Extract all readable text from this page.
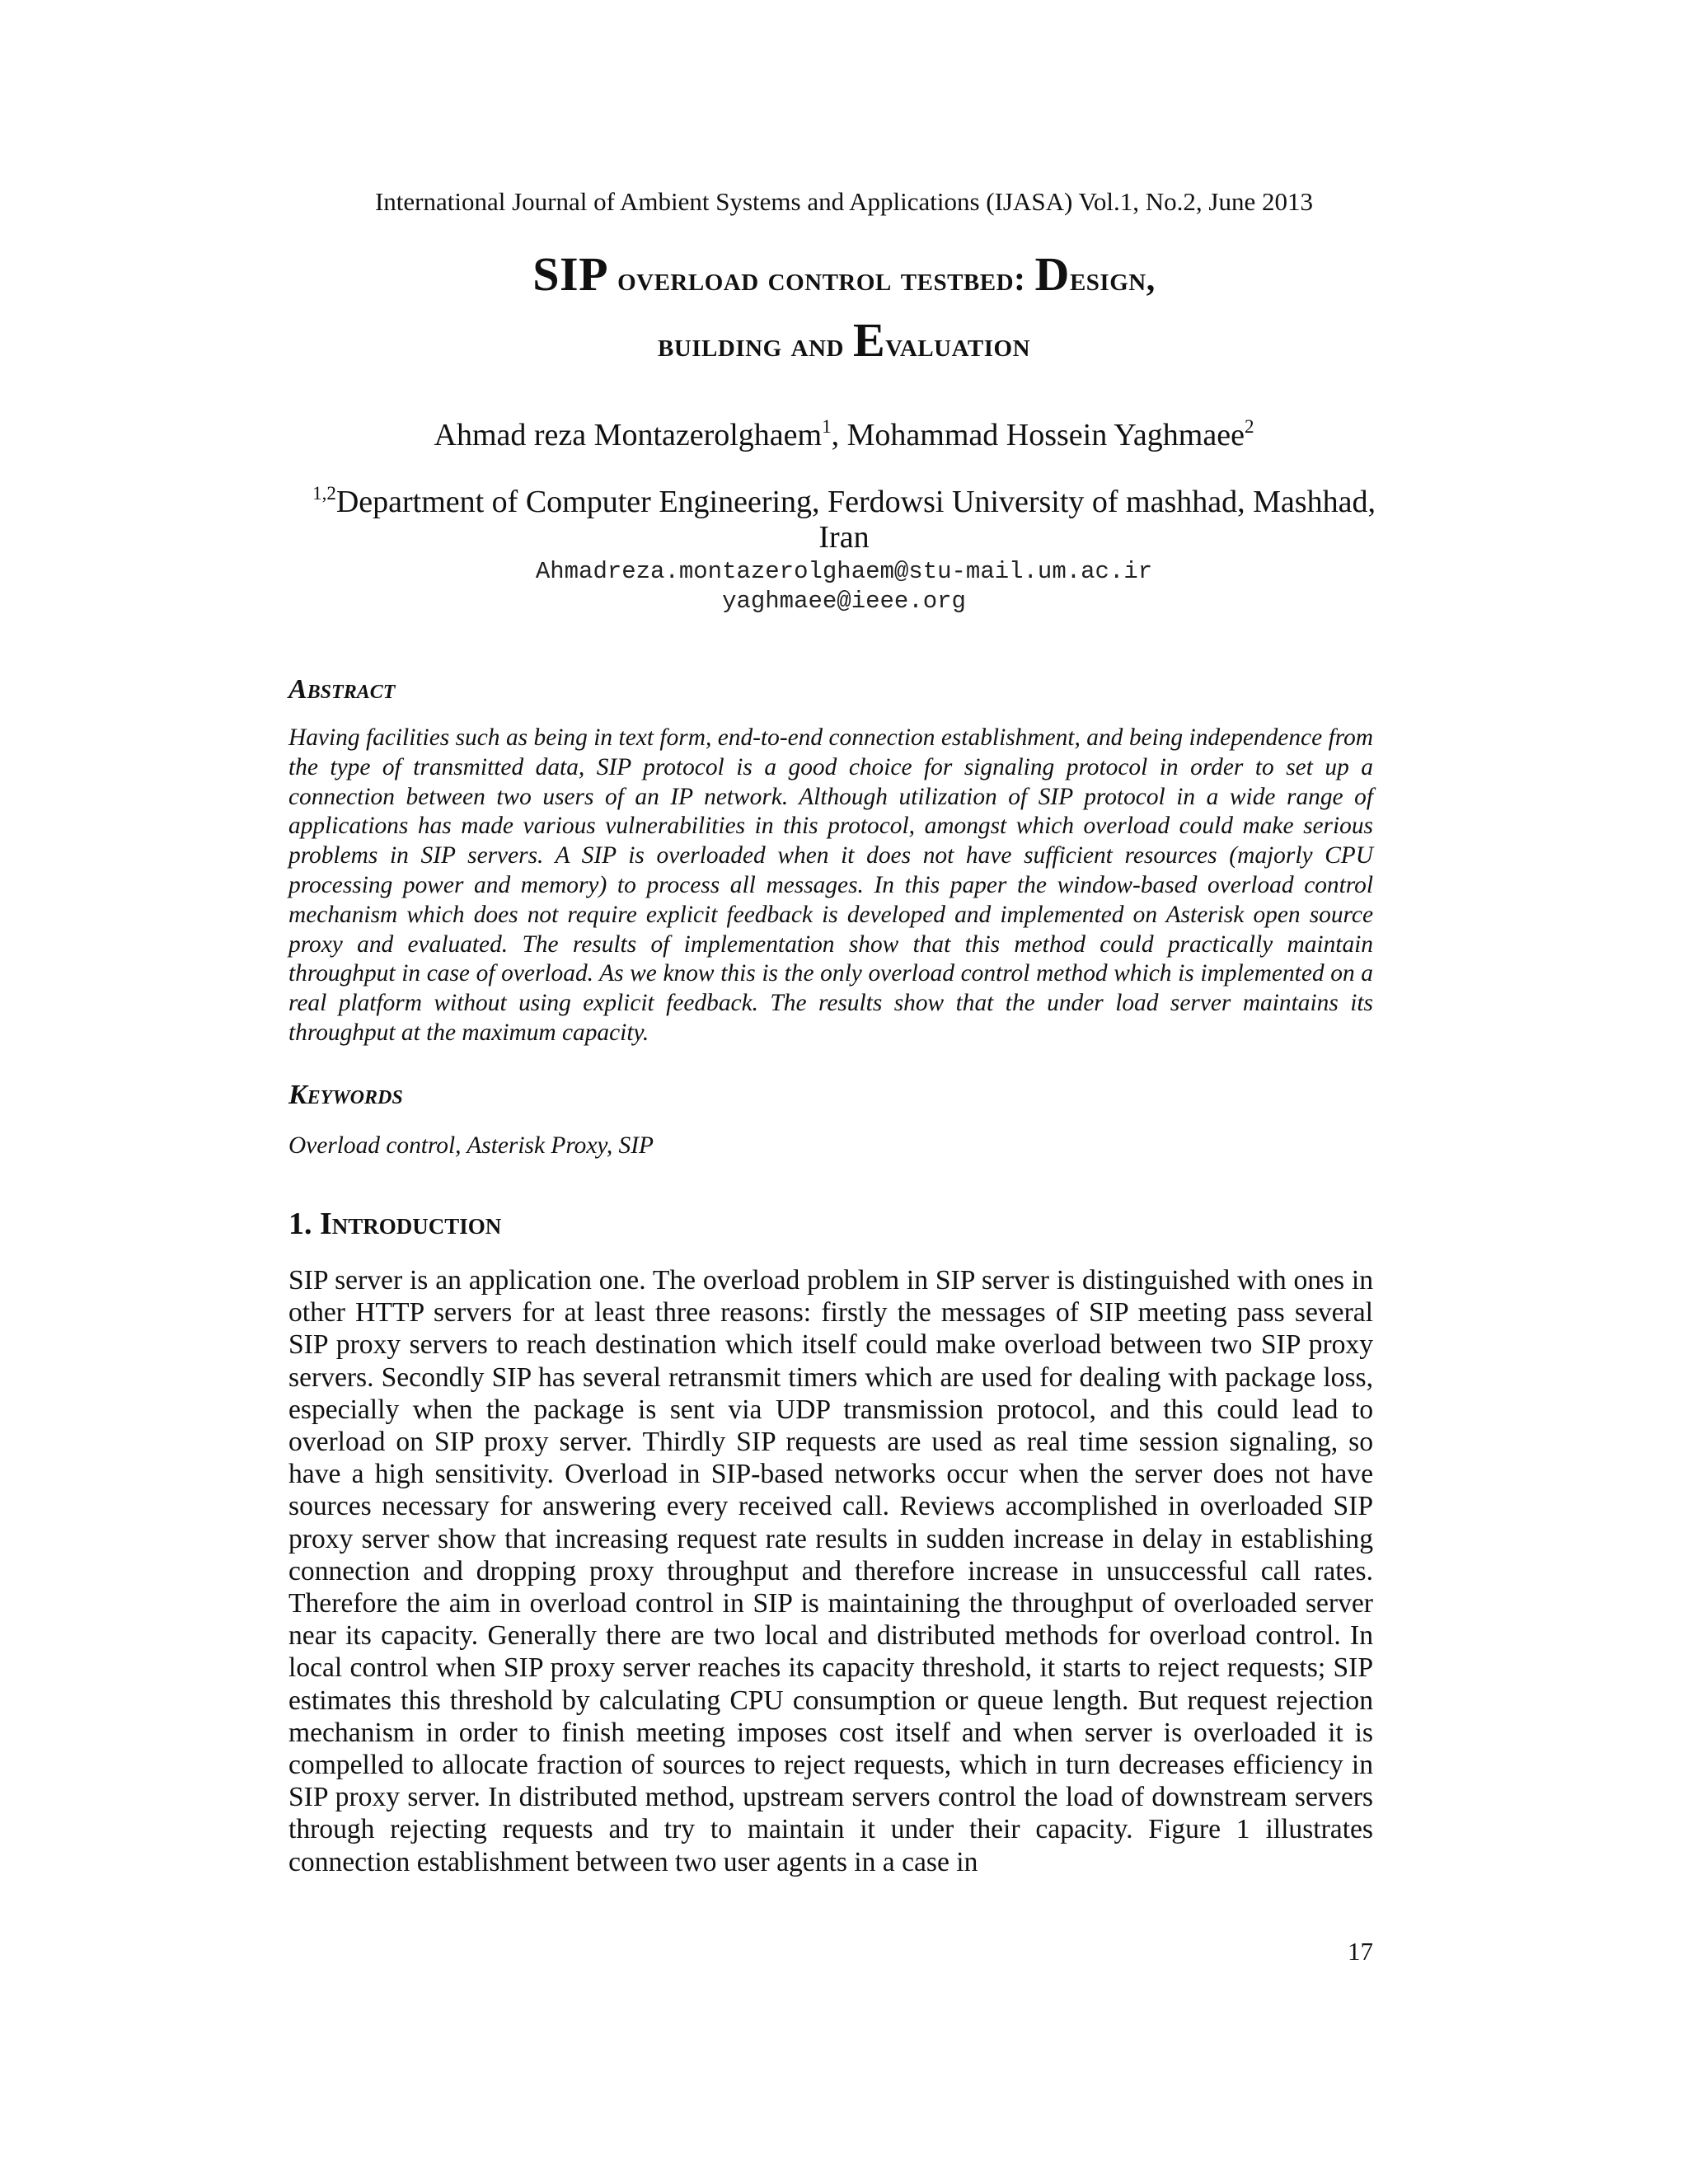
International Journal of Ambient Systems and Applications (IJASA) Vol.1, No.2, June 2013
SIP overload control testbed: Design,
building and Evaluation
Ahmad reza Montazerolghaem$^1$, Mohammad Hossein Yaghmaee$^2$
$^{1,2}$Department of Computer Engineering, Ferdowsi University of mashhad, Mashhad,
Iran
Ahmadreza.montazerolghaem@stu-mail.um.ac.ir
yaghmaee@ieee.org
Abstract
Having facilities such as being in text form, end-to-end connection establishment, and being independence from the type of transmitted data, SIP protocol is a good choice for signaling protocol in order to set up a connection between two users of an IP network. Although utilization of SIP protocol in a wide range of applications has made various vulnerabilities in this protocol, amongst which overload could make serious problems in SIP servers. A SIP is overloaded when it does not have sufficient resources (majorly CPU processing power and memory) to process all messages. In this paper the window-based overload control mechanism which does not require explicit feedback is developed and implemented on Asterisk open source proxy and evaluated. The results of implementation show that this method could practically maintain throughput in case of overload. As we know this is the only overload control method which is implemented on a real platform without using explicit feedback. The results show that the under load server maintains its throughput at the maximum capacity.
Keywords
Overload control, Asterisk Proxy, SIP
1. Introduction
SIP server is an application one. The overload problem in SIP server is distinguished with ones in other HTTP servers for at least three reasons: firstly the messages of SIP meeting pass several SIP proxy servers to reach destination which itself could make overload between two SIP proxy servers. Secondly SIP has several retransmit timers which are used for dealing with package loss, especially when the package is sent via UDP transmission protocol, and this could lead to overload on SIP proxy server. Thirdly SIP requests are used as real time session signaling, so have a high sensitivity. Overload in SIP-based networks occur when the server does not have sources necessary for answering every received call. Reviews accomplished in overloaded SIP proxy server show that increasing request rate results in sudden increase in delay in establishing connection and dropping proxy throughput and therefore increase in unsuccessful call rates. Therefore the aim in overload control in SIP is maintaining the throughput of overloaded server near its capacity. Generally there are two local and distributed methods for overload control. In local control when SIP proxy server reaches its capacity threshold, it starts to reject requests; SIP estimates this threshold by calculating CPU consumption or queue length. But request rejection mechanism in order to finish meeting imposes cost itself and when server is overloaded it is compelled to allocate fraction of sources to reject requests, which in turn decreases efficiency in SIP proxy server. In distributed method, upstream servers control the load of downstream servers through rejecting requests and try to maintain it under their capacity. Figure 1 illustrates connection establishment between two user agents in a case in
17
